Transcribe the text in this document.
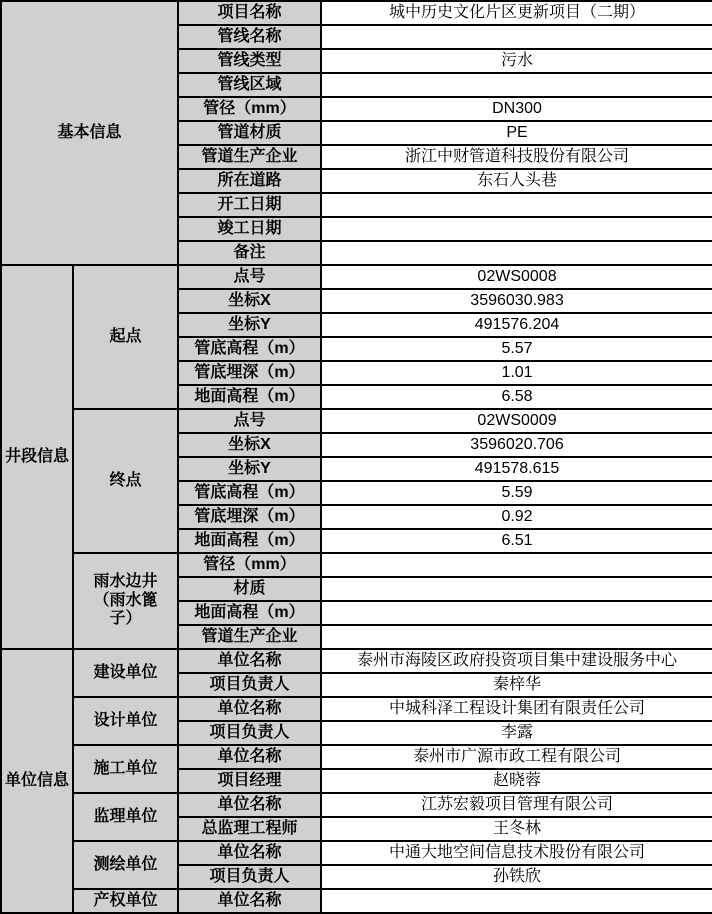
基本信息		项目名称	城中历史文化片区更新项目（二期）
		管线名称	
		管线类型	污水
		管线区域	
		管径（mm）	DN300
		管道材质	PE
		管道生产企业	浙江中财管道科技股份有限公司
		所在道路	东石人头巷
		开工日期	
		竣工日期	
		备注	
井段信息	起点	点号	02WS0008
		坐标X	3596030.983
		坐标Y	491576.204
		管底高程（m）	5.57
		管底埋深（m）	1.01
		地面高程（m）	6.58
	终点	点号	02WS0009
		坐标X	3596020.706
		坐标Y	491578.615
		管底高程（m）	5.59
		管底埋深（m）	0.92
		地面高程（m）	6.51
	雨水边井（雨水篦子）	管径（mm）	
		材质	
		地面高程（m）	
		管道生产企业	
单位信息	建设单位	单位名称	泰州市海陵区政府投资项目集中建设服务中心
		项目负责人	秦梓华
	设计单位	单位名称	中城科泽工程设计集团有限责任公司
		项目负责人	李露
	施工单位	单位名称	泰州市广源市政工程有限公司
		项目经理	赵晓蓉
	监理单位	单位名称	江苏宏毅项目管理有限公司
		总监理工程师	王冬林
	测绘单位	单位名称	中通大地空间信息技术股份有限公司
		项目负责人	孙铁欣
	产权单位	单位名称	
